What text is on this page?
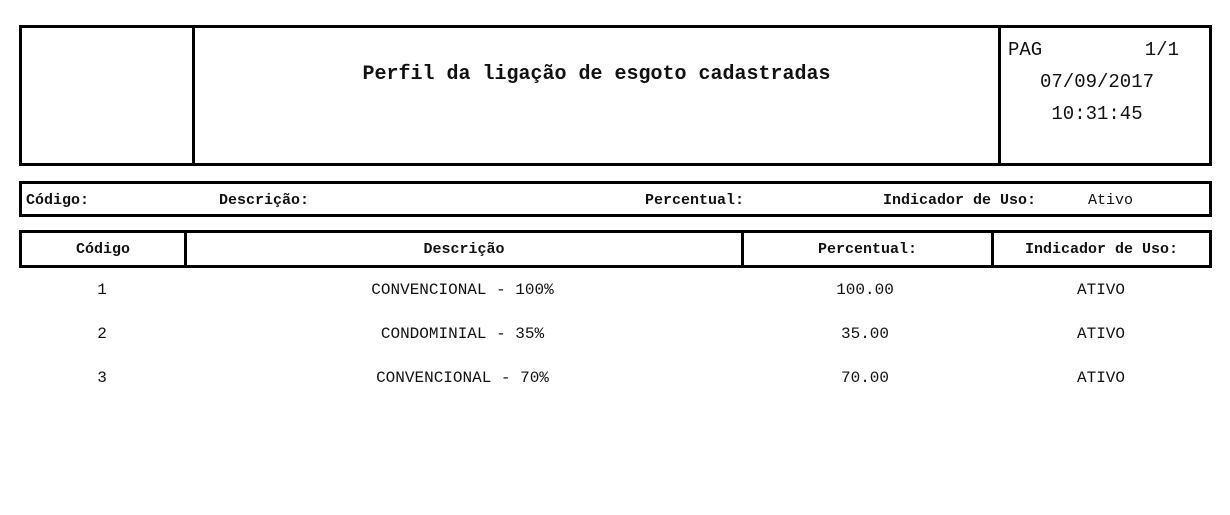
Perfil da ligação de esgoto cadastradas
PAG	1/1
07/09/2017
10:31:45
Código:	Descrição:	Percentual:	Indicador de Uso:	Ativo
Código	Descrição	Percentual:	Indicador de Uso:
1	CONVENCIONAL - 100%	100.00	ATIVO
2	CONDOMINIAL - 35%	35.00	ATIVO
3	CONVENCIONAL - 70%	70.00	ATIVO
